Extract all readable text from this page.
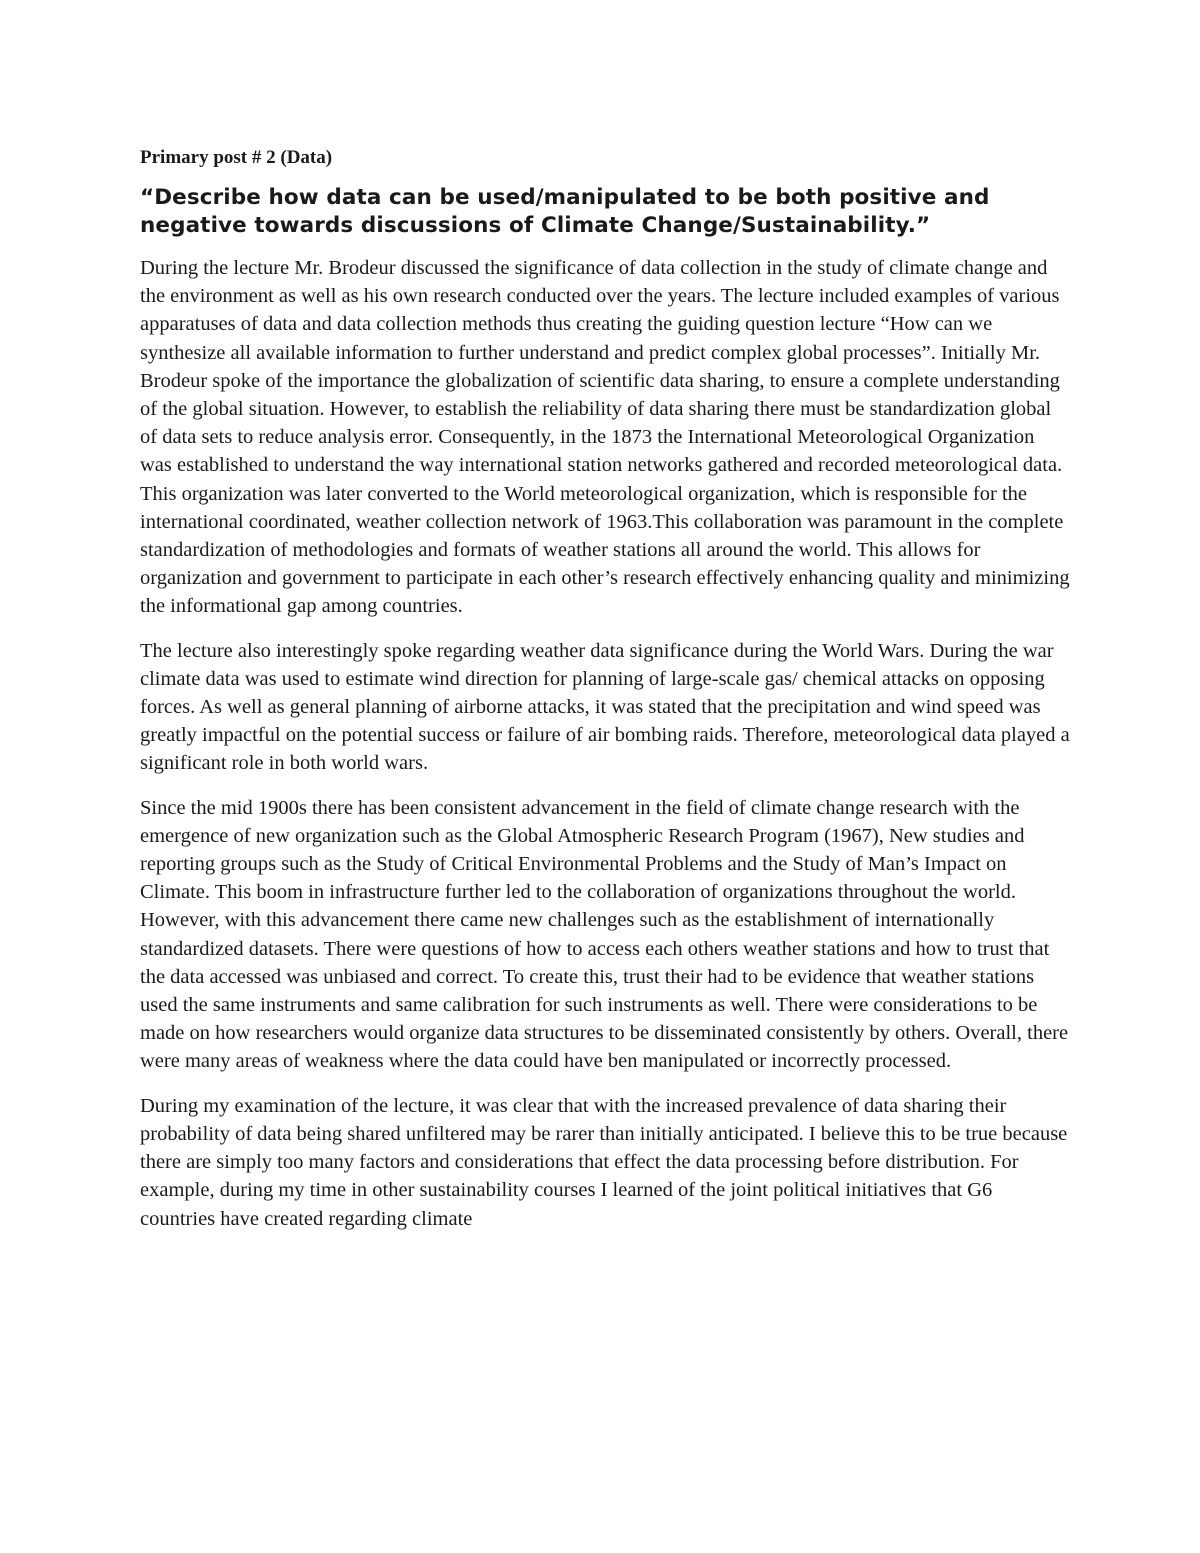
Primary post # 2 (Data)
“Describe how data can be used/manipulated to be both positive and negative towards discussions of Climate Change/Sustainability.”

During the lecture Mr. Brodeur discussed the significance of data collection in the study of climate change and the environment as well as his own research conducted over the years. The lecture included examples of various apparatuses of data and data collection methods thus creating the guiding question lecture “How can we synthesize all available information to further understand and predict complex global processes”. Initially Mr. Brodeur spoke of the importance the globalization of scientific data sharing, to ensure a complete understanding of the global situation. However, to establish the reliability of data sharing there must be standardization global of data sets to reduce analysis error. Consequently, in the 1873 the International Meteorological Organization was established to understand the way international station networks gathered and recorded meteorological data. This organization was later converted to the World meteorological organization, which is responsible for the international coordinated, weather collection network of 1963.This collaboration was paramount in the complete standardization of methodologies and formats of weather stations all around the world. This allows for organization and government to participate in each other’s research effectively enhancing quality and minimizing the informational gap among countries.

The lecture also interestingly spoke regarding weather data significance during the World Wars. During the war climate data was used to estimate wind direction for planning of large-scale gas/ chemical attacks on opposing forces. As well as general planning of airborne attacks, it was stated that the precipitation and wind speed was greatly impactful on the potential success or failure of air bombing raids. Therefore, meteorological data played a significant role in both world wars.

Since the mid 1900s there has been consistent advancement in the field of climate change research with the emergence of new organization such as the Global Atmospheric Research Program (1967), New studies and reporting groups such as the Study of Critical Environmental Problems and the Study of Man’s Impact on Climate. This boom in infrastructure further led to the collaboration of organizations throughout the world. However, with this advancement there came new challenges such as the establishment of internationally standardized datasets. There were questions of how to access each others weather stations and how to trust that the data accessed was unbiased and correct. To create this, trust their had to be evidence that weather stations used the same instruments and same calibration for such instruments as well. There were considerations to be made on how researchers would organize data structures to be disseminated consistently by others. Overall, there were many areas of weakness where the data could have ben manipulated or incorrectly processed.

During my examination of the lecture, it was clear that with the increased prevalence of data sharing their probability of data being shared unfiltered may be rarer than initially anticipated. I believe this to be true because there are simply too many factors and considerations that effect the data processing before distribution. For example, during my time in other sustainability courses I learned of the joint political initiatives that G6 countries have created regarding climate
